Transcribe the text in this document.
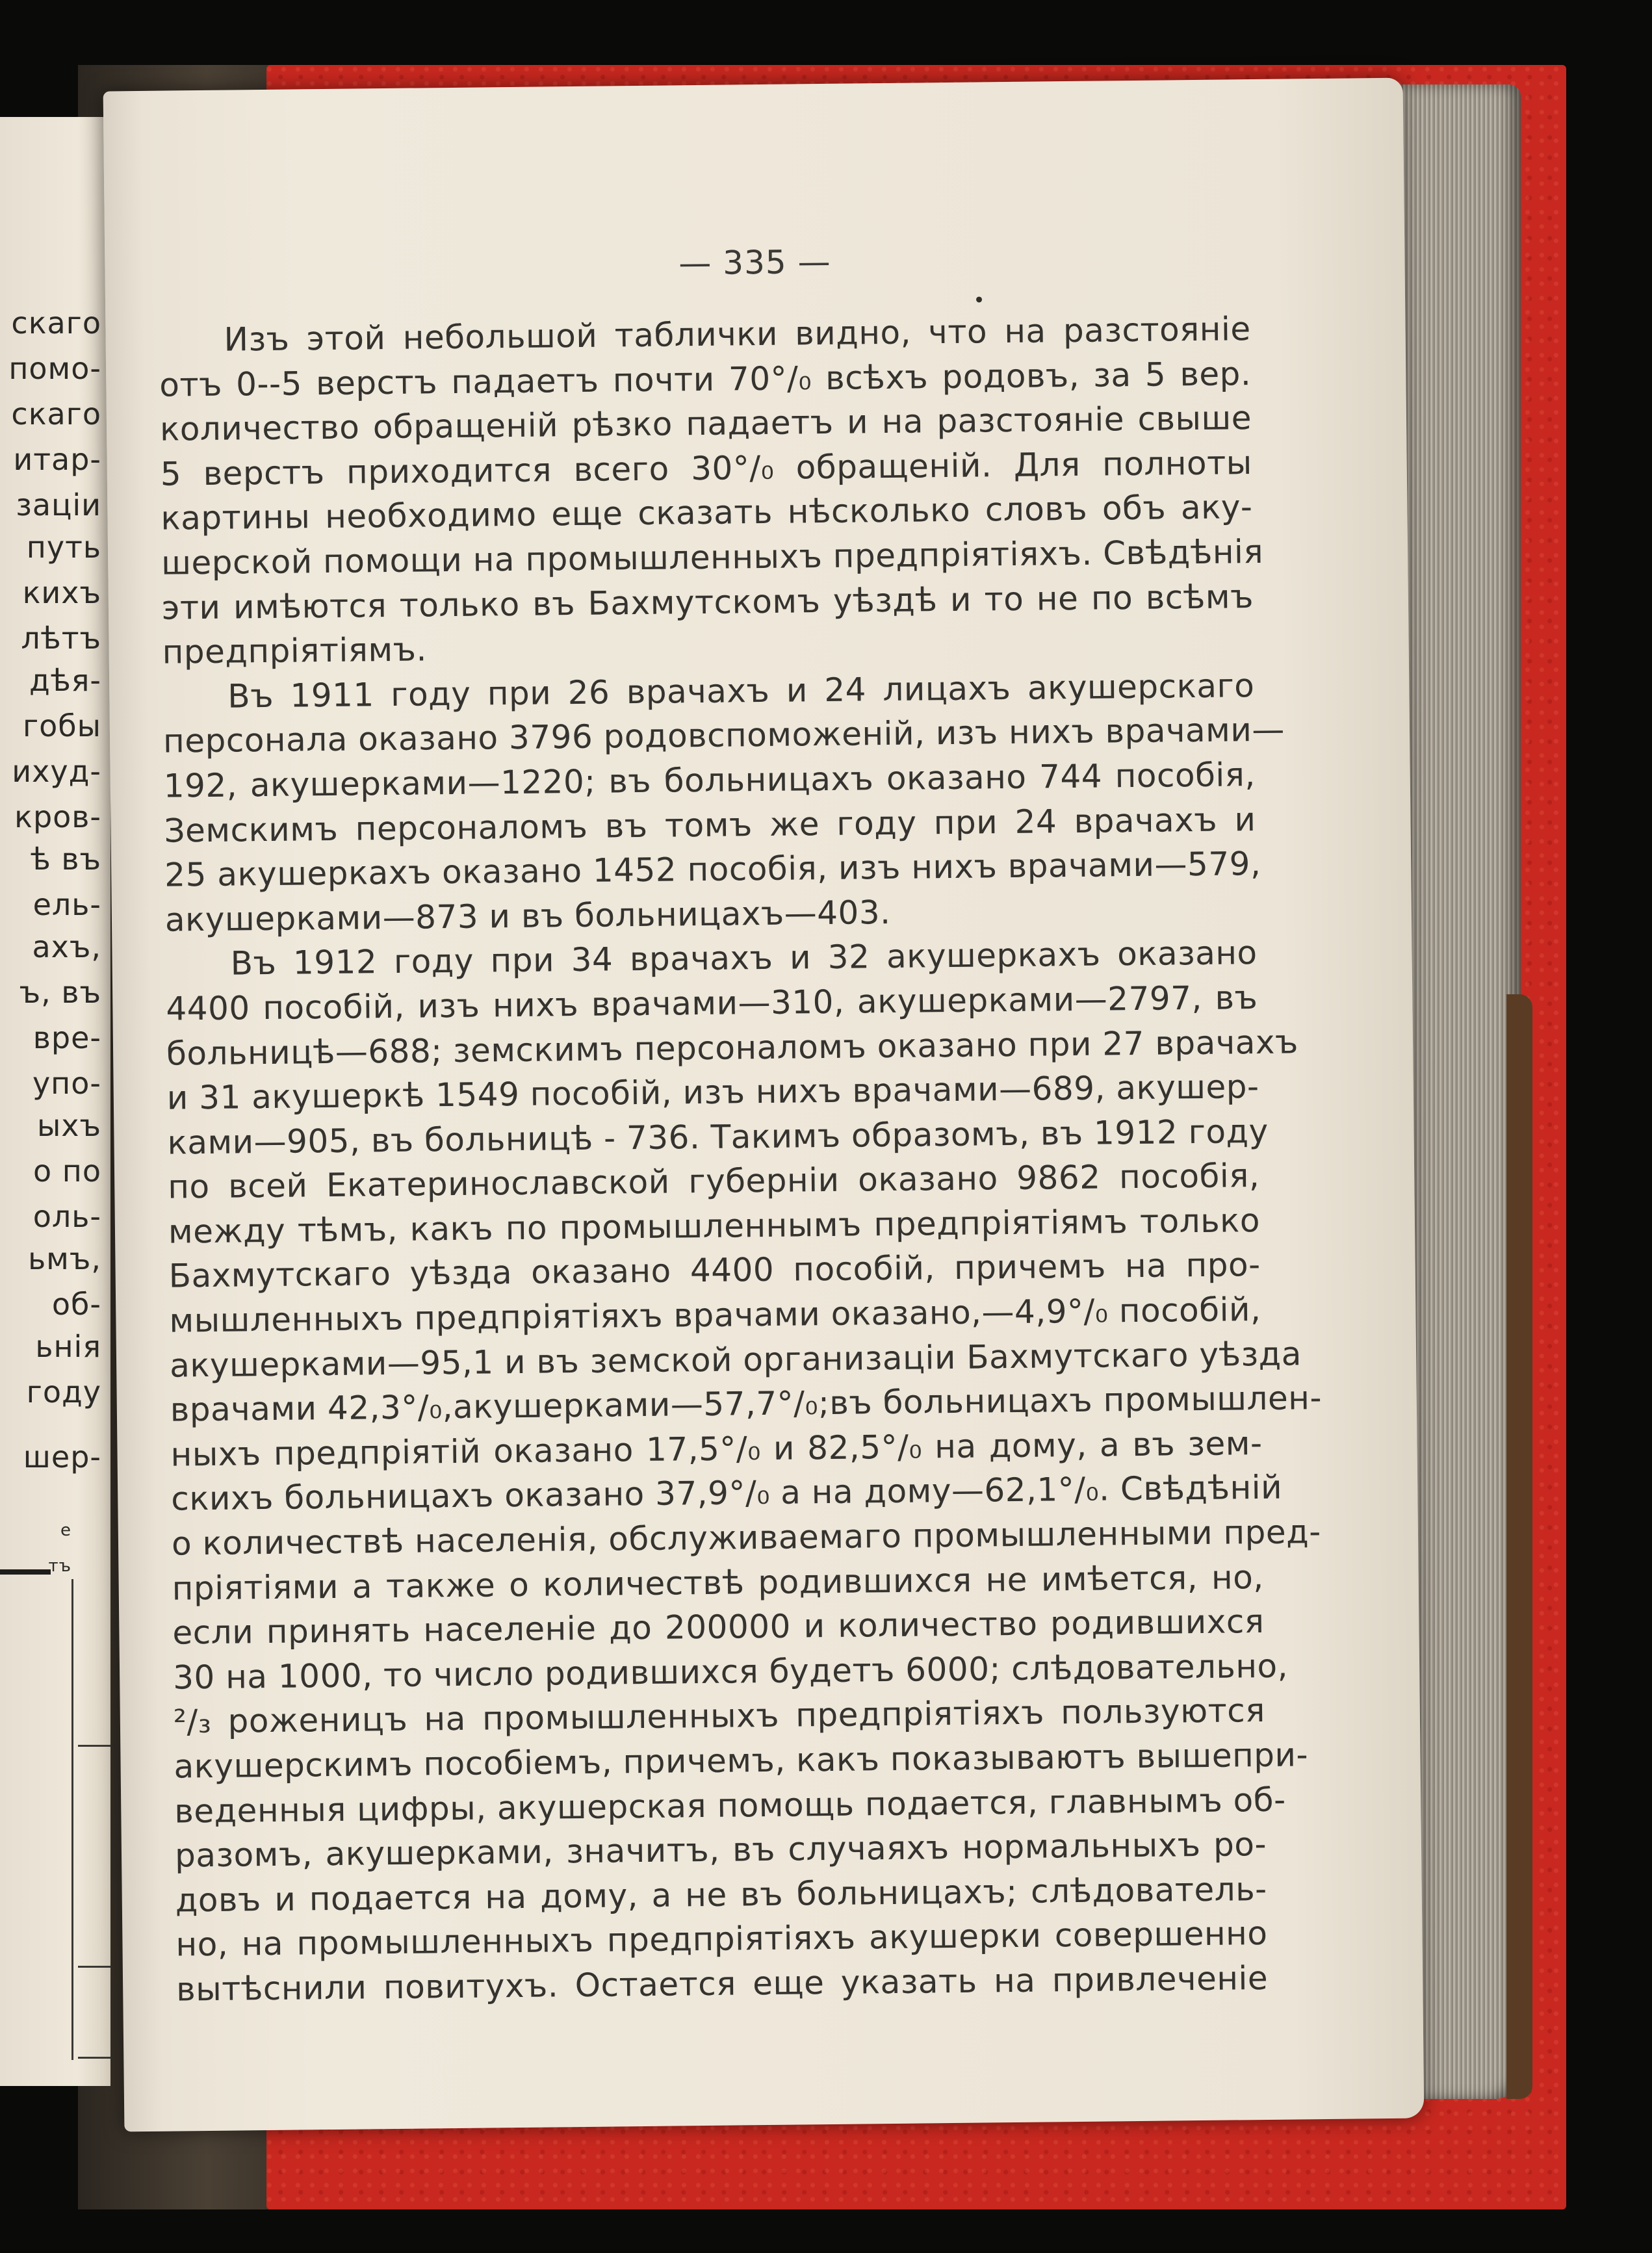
скаго
помо-
скаго
итар-
заціи
путь
кихъ
лѣтъ
дѣя-
гобы
ихуд-
кров-
ѣ въ
ель-
ахъ,
ъ, въ
вре-
упо-
ыхъ
о по
оль-
ьмъ,
об-
ьнія
году
шер-
е
тъ
— 335 —
Изъ этой небольшой таблички видно, что на разстояніе
отъ 0--5 верстъ падаетъ почти 70°/₀ всѣхъ родовъ, за 5 вер.
количество обращеній рѣзко падаетъ и на разстояніе свыше
5 верстъ приходится всего 30°/₀ обращеній. Для полноты
картины необходимо еще сказать нѣсколько словъ объ аку-
шерской помощи на промышленныхъ предпріятіяхъ. Свѣдѣнія
эти имѣются только въ Бахмутскомъ уѣздѣ и то не по всѣмъ
предпріятіямъ.
Въ 1911 году при 26 врачахъ и 24 лицахъ акушерскаго
персонала оказано 3796 родовспоможеній, изъ нихъ врачами—
192, акушерками—1220; въ больницахъ оказано 744 пособія,
Земскимъ персоналомъ въ томъ же году при 24 врачахъ и
25 акушеркахъ оказано 1452 пособія, изъ нихъ врачами—579,
акушерками—873 и въ больницахъ—403.
Въ 1912 году при 34 врачахъ и 32 акушеркахъ оказано
4400 пособій, изъ нихъ врачами—310, акушерками—2797, въ
больницѣ—688; земскимъ персоналомъ оказано при 27 врачахъ
и 31 акушеркѣ 1549 пособій, изъ нихъ врачами—689, акушер-
ками—905, въ больницѣ - 736. Такимъ образомъ, въ 1912 году
по всей Екатеринославской губерніи оказано 9862 пособія,
между тѣмъ, какъ по промышленнымъ предпріятіямъ только
Бахмутскаго уѣзда оказано 4400 пособій, причемъ на про-
мышленныхъ предпріятіяхъ врачами оказано,—4,9°/₀ пособій,
акушерками—95,1 и въ земской организаціи Бахмутскаго уѣзда
врачами 42,3°/₀,акушерками—57,7°/₀;въ больницахъ промышлен-
ныхъ предпріятій оказано 17,5°/₀ и 82,5°/₀ на дому, а въ зем-
скихъ больницахъ оказано 37,9°/₀ а на дому—62,1°/₀. Свѣдѣній
о количествѣ населенія, обслуживаемаго промышленными пред-
пріятіями а также о количествѣ родившихся не имѣется, но,
если принять населеніе до 200000 и количество родившихся
30 на 1000, то число родившихся будетъ 6000; слѣдовательно,
²/₃ роженицъ на промышленныхъ предпріятіяхъ пользуются
акушерскимъ пособіемъ, причемъ, какъ показываютъ вышепри-
веденныя цифры, акушерская помощь подается, главнымъ об-
разомъ, акушерками, значитъ, въ случаяхъ нормальныхъ ро-
довъ и подается на дому, а не въ больницахъ; слѣдователь-
но, на промышленныхъ предпріятіяхъ акушерки совершенно
вытѣснили повитухъ. Остается еще указать на привлеченіе
